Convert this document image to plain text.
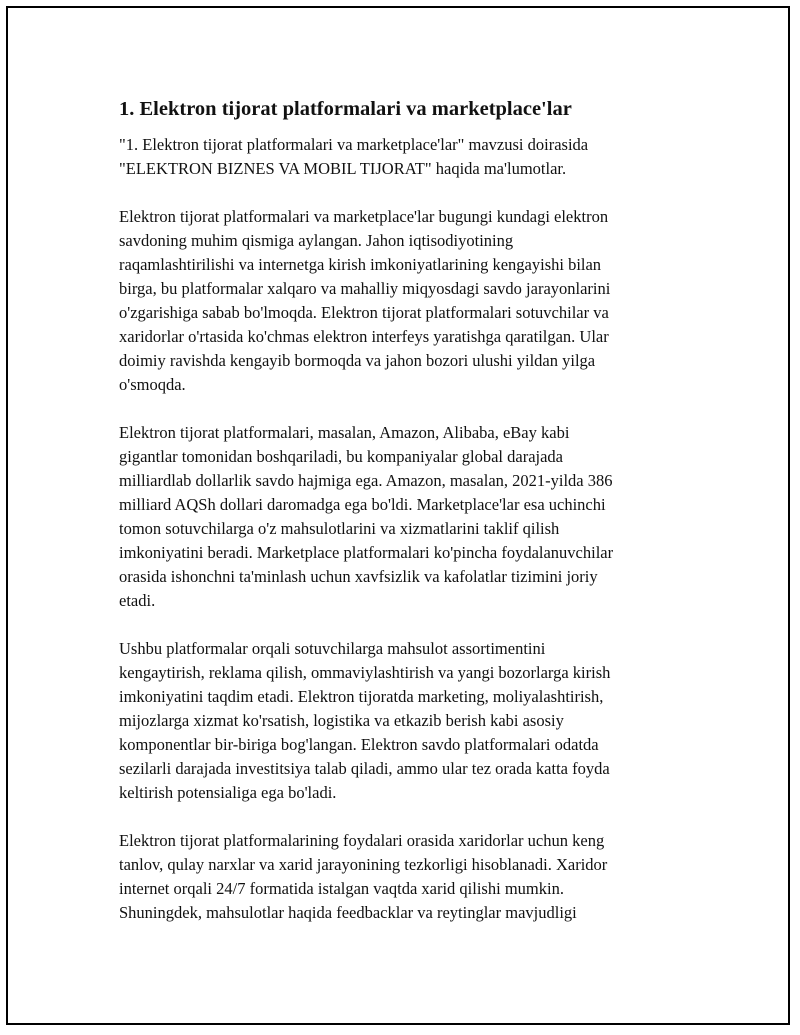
1. Elektron tijorat platformalari va marketplace'lar

"1. Elektron tijorat platformalari va marketplace'lar" mavzusi doirasida
"ELEKTRON BIZNES VA MOBIL TIJORAT" haqida ma'lumotlar.

Elektron tijorat platformalari va marketplace'lar bugungi kundagi elektron
savdoning muhim qismiga aylangan. Jahon iqtisodiyotining
raqamlashtirilishi va internetga kirish imkoniyatlarining kengayishi bilan
birga, bu platformalar xalqaro va mahalliy miqyosdagi savdo jarayonlarini
o'zgarishiga sabab bo'lmoqda. Elektron tijorat platformalari sotuvchilar va
xaridorlar o'rtasida ko'chmas elektron interfeys yaratishga qaratilgan. Ular
doimiy ravishda kengayib bormoqda va jahon bozori ulushi yildan yilga
o'smoqda.

Elektron tijorat platformalari, masalan, Amazon, Alibaba, eBay kabi
gigantlar tomonidan boshqariladi, bu kompaniyalar global darajada
milliardlab dollarlik savdo hajmiga ega. Amazon, masalan, 2021-yilda 386
milliard AQSh dollari daromadga ega bo'ldi. Marketplace'lar esa uchinchi
tomon sotuvchilarga o'z mahsulotlarini va xizmatlarini taklif qilish
imkoniyatini beradi. Marketplace platformalari ko'pincha foydalanuvchilar
orasida ishonchni ta'minlash uchun xavfsizlik va kafolatlar tizimini joriy
etadi.

Ushbu platformalar orqali sotuvchilarga mahsulot assortimentini
kengaytirish, reklama qilish, ommaviylashtirish va yangi bozorlarga kirish
imkoniyatini taqdim etadi. Elektron tijoratda marketing, moliyalashtirish,
mijozlarga xizmat ko'rsatish, logistika va etkazib berish kabi asosiy
komponentlar bir-biriga bog'langan. Elektron savdo platformalari odatda
sezilarli darajada investitsiya talab qiladi, ammo ular tez orada katta foyda
keltirish potensialiga ega bo'ladi.

Elektron tijorat platformalarining foydalari orasida xaridorlar uchun keng
tanlov, qulay narxlar va xarid jarayonining tezkorligi hisoblanadi. Xaridor
internet orqali 24/7 formatida istalgan vaqtda xarid qilishi mumkin.
Shuningdek, mahsulotlar haqida feedbacklar va reytinglar mavjudligi
